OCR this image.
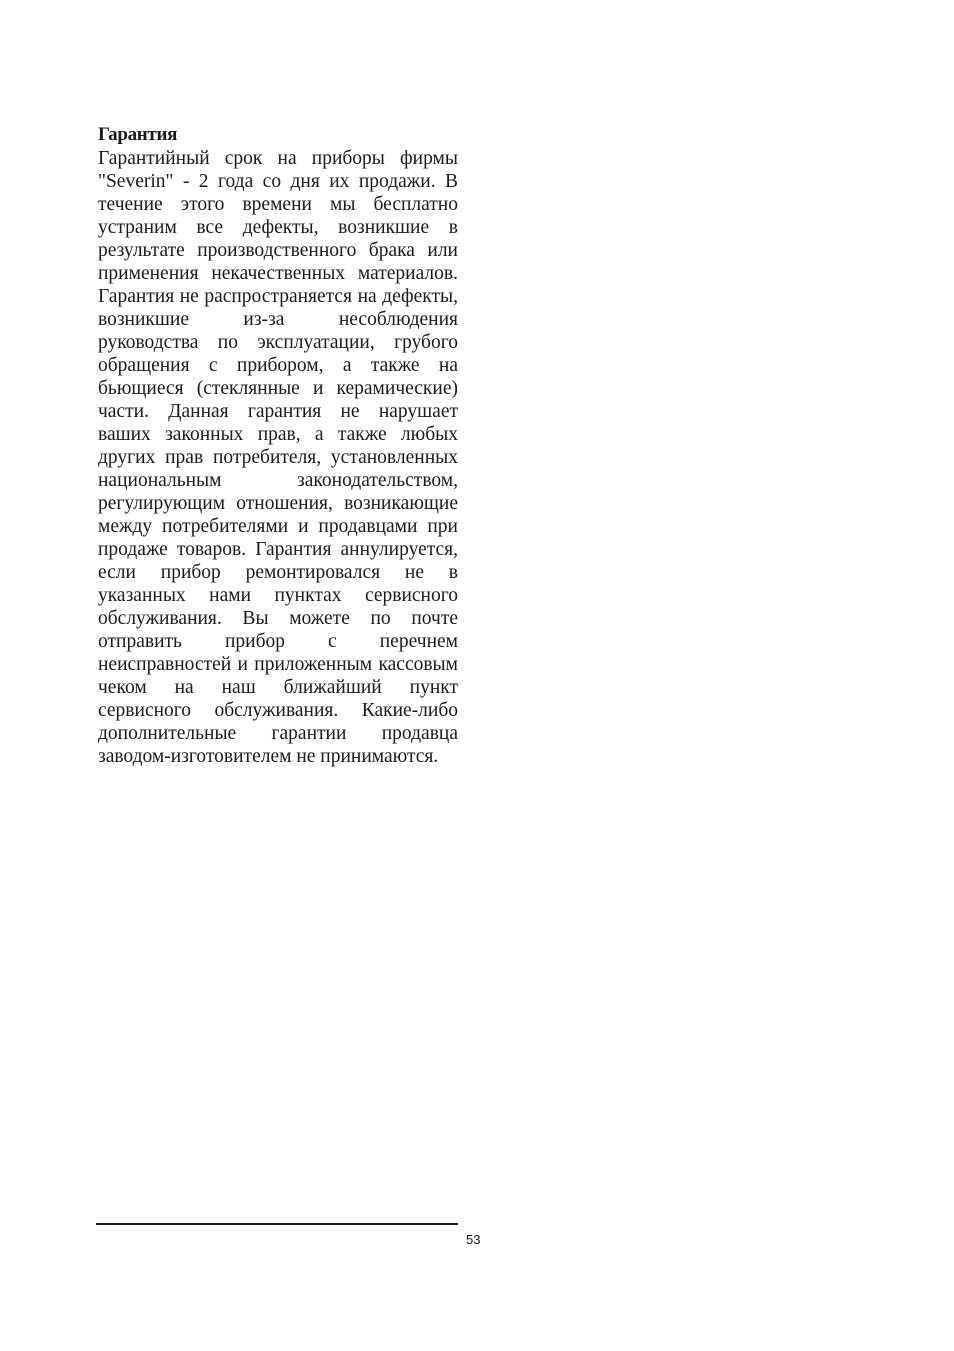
Гарантия

Гарантийный срок на приборы фирмы "Severin" - 2 года со дня их продажи. В течение этого времени мы бесплатно устраним все дефекты, возникшие в результате производственного брака или применения некачественных материалов. Гарантия не распространяется на дефекты, возникшие из-за несоблюдения руководства по эксплуатации, грубого обращения с прибором, а также на бьющиеся (стеклянные и керамические) части. Данная гарантия не нарушает ваших законных прав, а также любых других прав потребителя, установленных национальным законодательством, регулирующим отношения, возникающие между потребителями и продавцами при продаже товаров. Гарантия аннулируется, если прибор ремонтировался не в указанных нами пунктах сервисного обслуживания. Вы можете по почте отправить прибор с перечнем неисправностей и приложенным кассовым чеком на наш ближайший пункт сервисного обслуживания. Какие-либо дополнительные гарантии продавца заводом-изготовителем не принимаются.

53
